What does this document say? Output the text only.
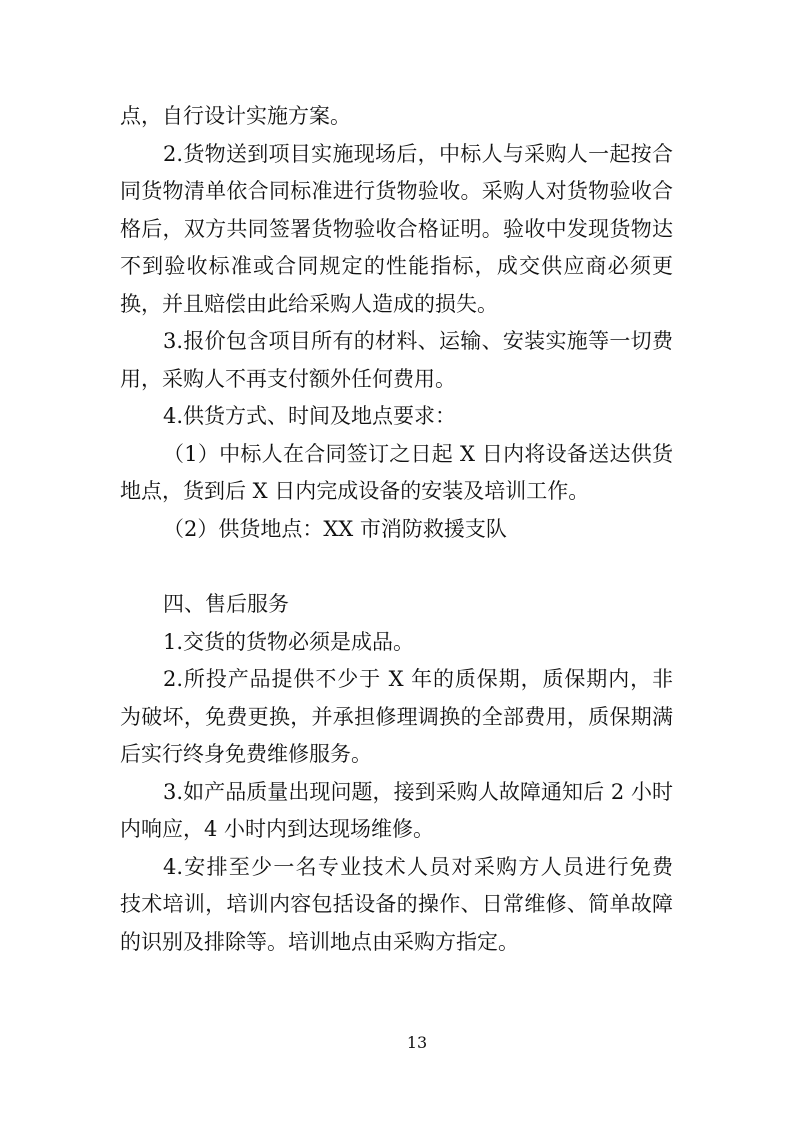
点，自行设计实施方案。
2.货物送到项目实施现场后，中标人与采购人一起按合
同货物清单依合同标准进行货物验收。采购人对货物验收合
格后，双方共同签署货物验收合格证明。验收中发现货物达
不到验收标准或合同规定的性能指标，成交供应商必须更
换，并且赔偿由此给采购人造成的损失。
3.报价包含项目所有的材料、运输、安装实施等一切费
用，采购人不再支付额外任何费用。
4.供货方式、时间及地点要求：
（1）中标人在合同签订之日起 X 日内将设备送达供货
地点，货到后 X 日内完成设备的安装及培训工作。
（2）供货地点：XX 市消防救援支队
四、售后服务
1.交货的货物必须是成品。
2.所投产品提供不少于 X 年的质保期，质保期内，非
为破坏，免费更换，并承担修理调换的全部费用，质保期满
后实行终身免费维修服务。
3.如产品质量出现问题，接到采购人故障通知后 2 小时
内响应，4 小时内到达现场维修。
4.安排至少一名专业技术人员对采购方人员进行免费
技术培训，培训内容包括设备的操作、日常维修、简单故障
的识别及排除等。培训地点由采购方指定。
13
